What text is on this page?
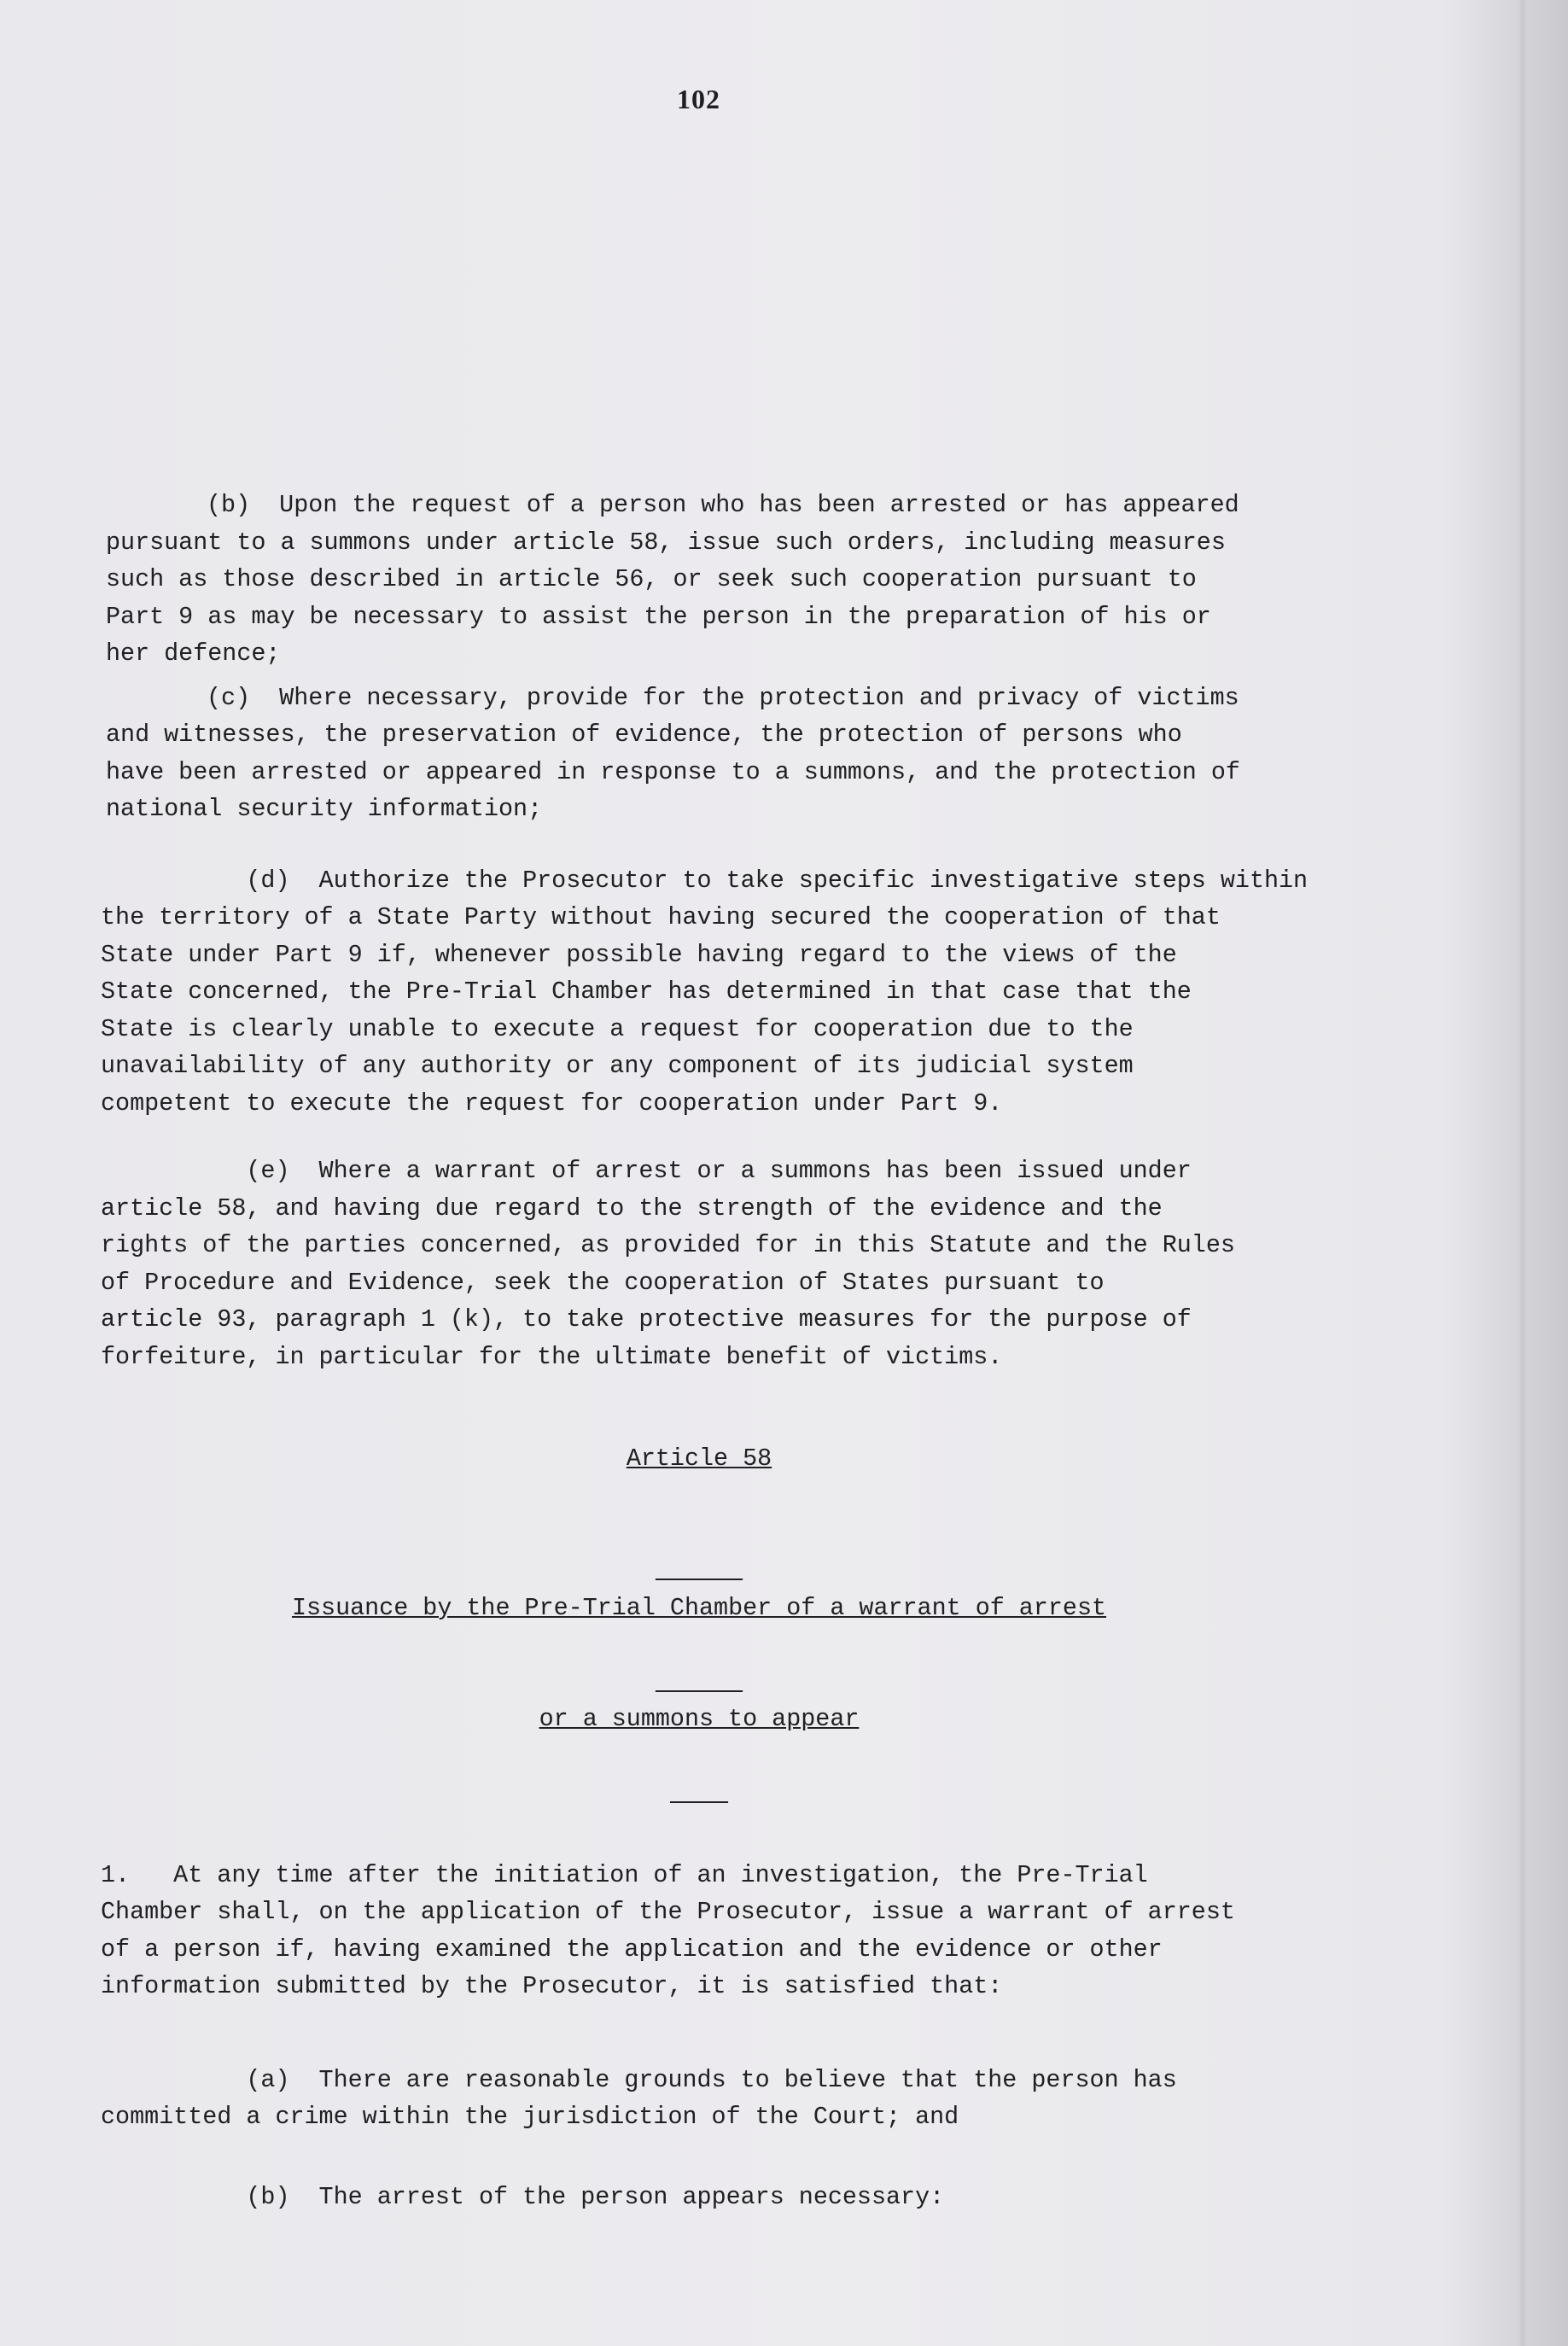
102

(b)  Upon the request of a person who has been arrested or has appeared
pursuant to a summons under article 58, issue such orders, including measures
such as those described in article 56, or seek such cooperation pursuant to
Part 9 as may be necessary to assist the person in the preparation of his or
her defence;

(c)  Where necessary, provide for the protection and privacy of victims
and witnesses, the preservation of evidence, the protection of persons who
have been arrested or appeared in response to a summons, and the protection of
national security information;

(d)  Authorize the Prosecutor to take specific investigative steps within
the territory of a State Party without having secured the cooperation of that
State under Part 9 if, whenever possible having regard to the views of the
State concerned, the Pre-Trial Chamber has determined in that case that the
State is clearly unable to execute a request for cooperation due to the
unavailability of any authority or any component of its judicial system
competent to execute the request for cooperation under Part 9.

(e)  Where a warrant of arrest or a summons has been issued under
article 58, and having due regard to the strength of the evidence and the
rights of the parties concerned, as provided for in this Statute and the Rules
of Procedure and Evidence, seek the cooperation of States pursuant to
article 93, paragraph 1 (k), to take protective measures for the purpose of
forfeiture, in particular for the ultimate benefit of victims.

Article 58

Issuance by the Pre-Trial Chamber of a warrant of arrest

or a summons to appear

1.   At any time after the initiation of an investigation, the Pre-Trial
Chamber shall, on the application of the Prosecutor, issue a warrant of arrest
of a person if, having examined the application and the evidence or other
information submitted by the Prosecutor, it is satisfied that:

(a)  There are reasonable grounds to believe that the person has
committed a crime within the jurisdiction of the Court; and

(b)  The arrest of the person appears necessary:
